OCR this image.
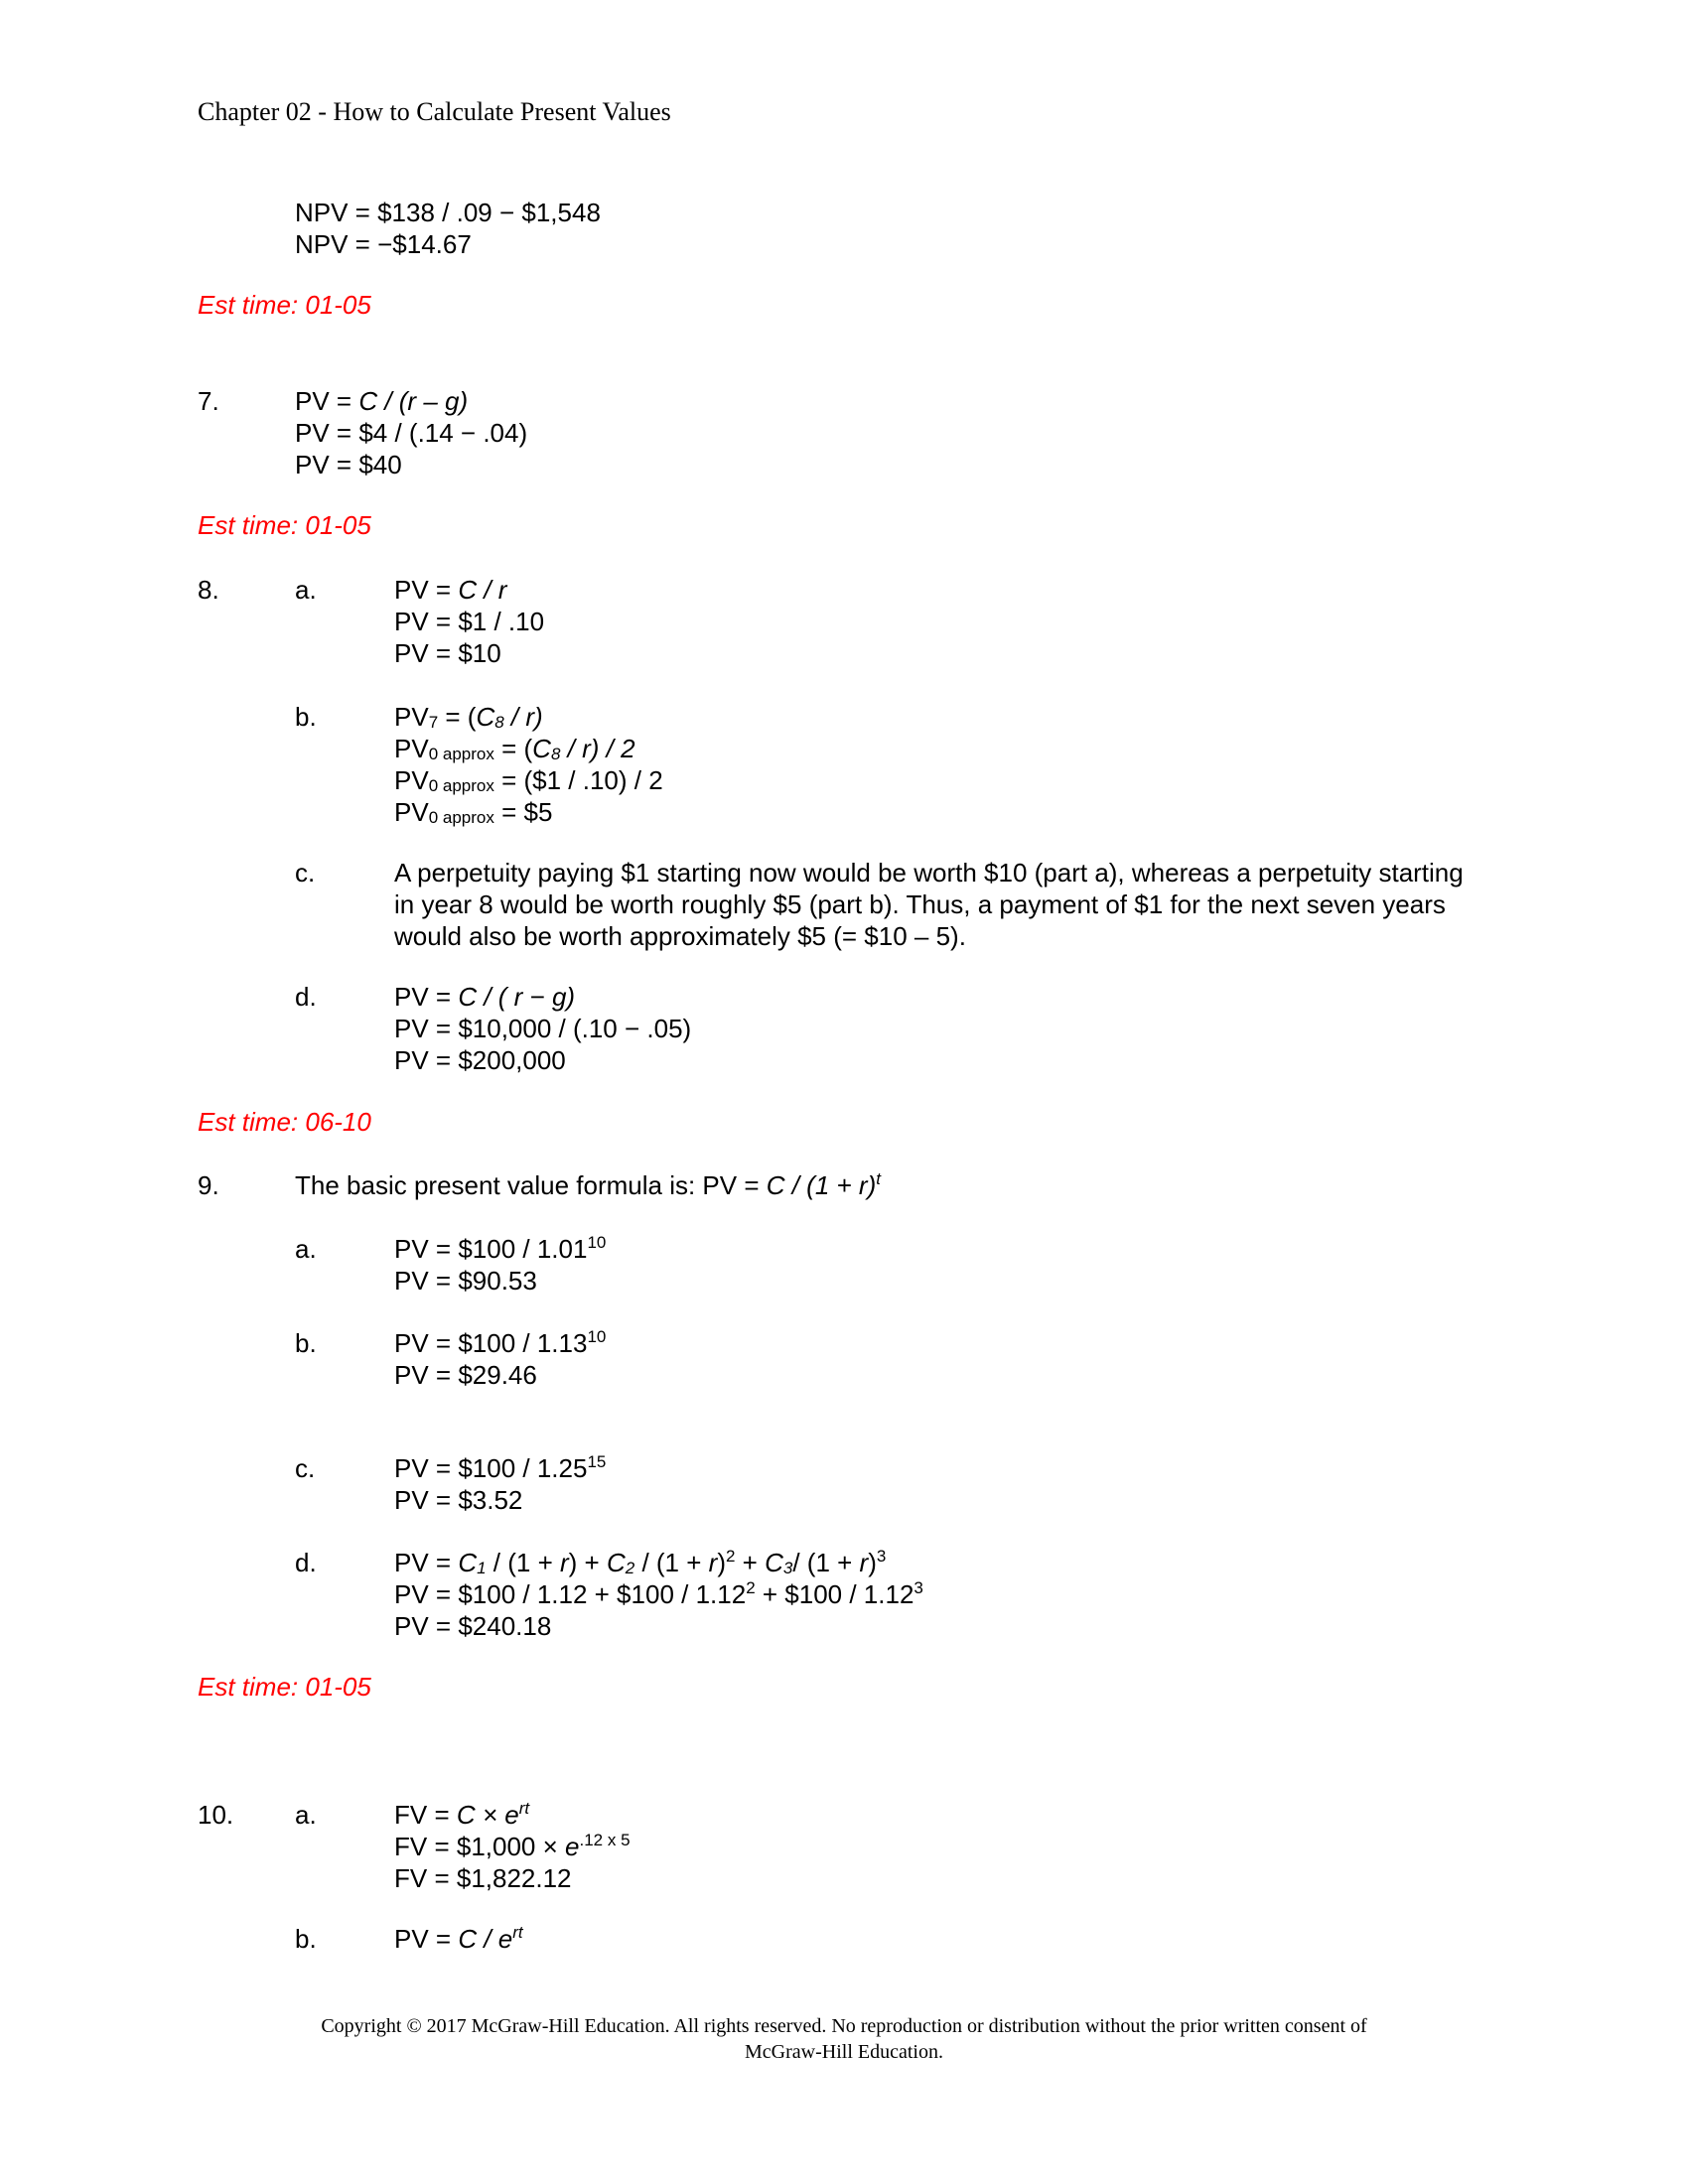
Chapter 02 - How to Calculate Present Values
NPV = $138 / .09 − $1,548
NPV = −$14.67
Est time: 01-05
7.	PV = C / (r – g)
PV = $4 / (.14 − .04)
PV = $40
Est time: 01-05
8.	a.	PV = C / r
PV = $1 / .10
PV = $10
b.	PV7 = (C8 / r)
PV0 approx = (C8 / r) / 2
PV0 approx = ($1 / .10) / 2
PV0 approx = $5
c.	A perpetuity paying $1 starting now would be worth $10 (part a), whereas a perpetuity starting in year 8 would be worth roughly $5 (part b). Thus, a payment of $1 for the next seven years would also be worth approximately $5 (= $10 – 5).
d.	PV = C / ( r − g)
PV = $10,000 / (.10 − .05)
PV = $200,000
Est time: 06-10
9.	The basic present value formula is: PV = $C / (1 + r)^t$
a.	PV = $100 / 1.01$^{10}$
PV = $90.53
b.	PV = $100 / 1.13$^{10}$
PV = $29.46
c.	PV = $100 / 1.25$^{15}$
PV = $3.52
d.	PV = $C1 / (1 + r) + C2 / (1 + r)^2 + C3/$ $(1 + r)^3$
PV = $100 / 1.12 + $100 / $1.12^2$ + $100 / 1.12$^3$
PV = $240.18
Est time: 01-05
10. a.	FV = $C \times e^{rt}$
FV = $1,000 × $e^{.12 x 5}$
FV = $1,822.12
b.	PV = C / $e^{rt}$
Copyright © 2017 McGraw-Hill Education. All rights reserved. No reproduction or distribution without the prior written consent of
McGraw-Hill Education.
